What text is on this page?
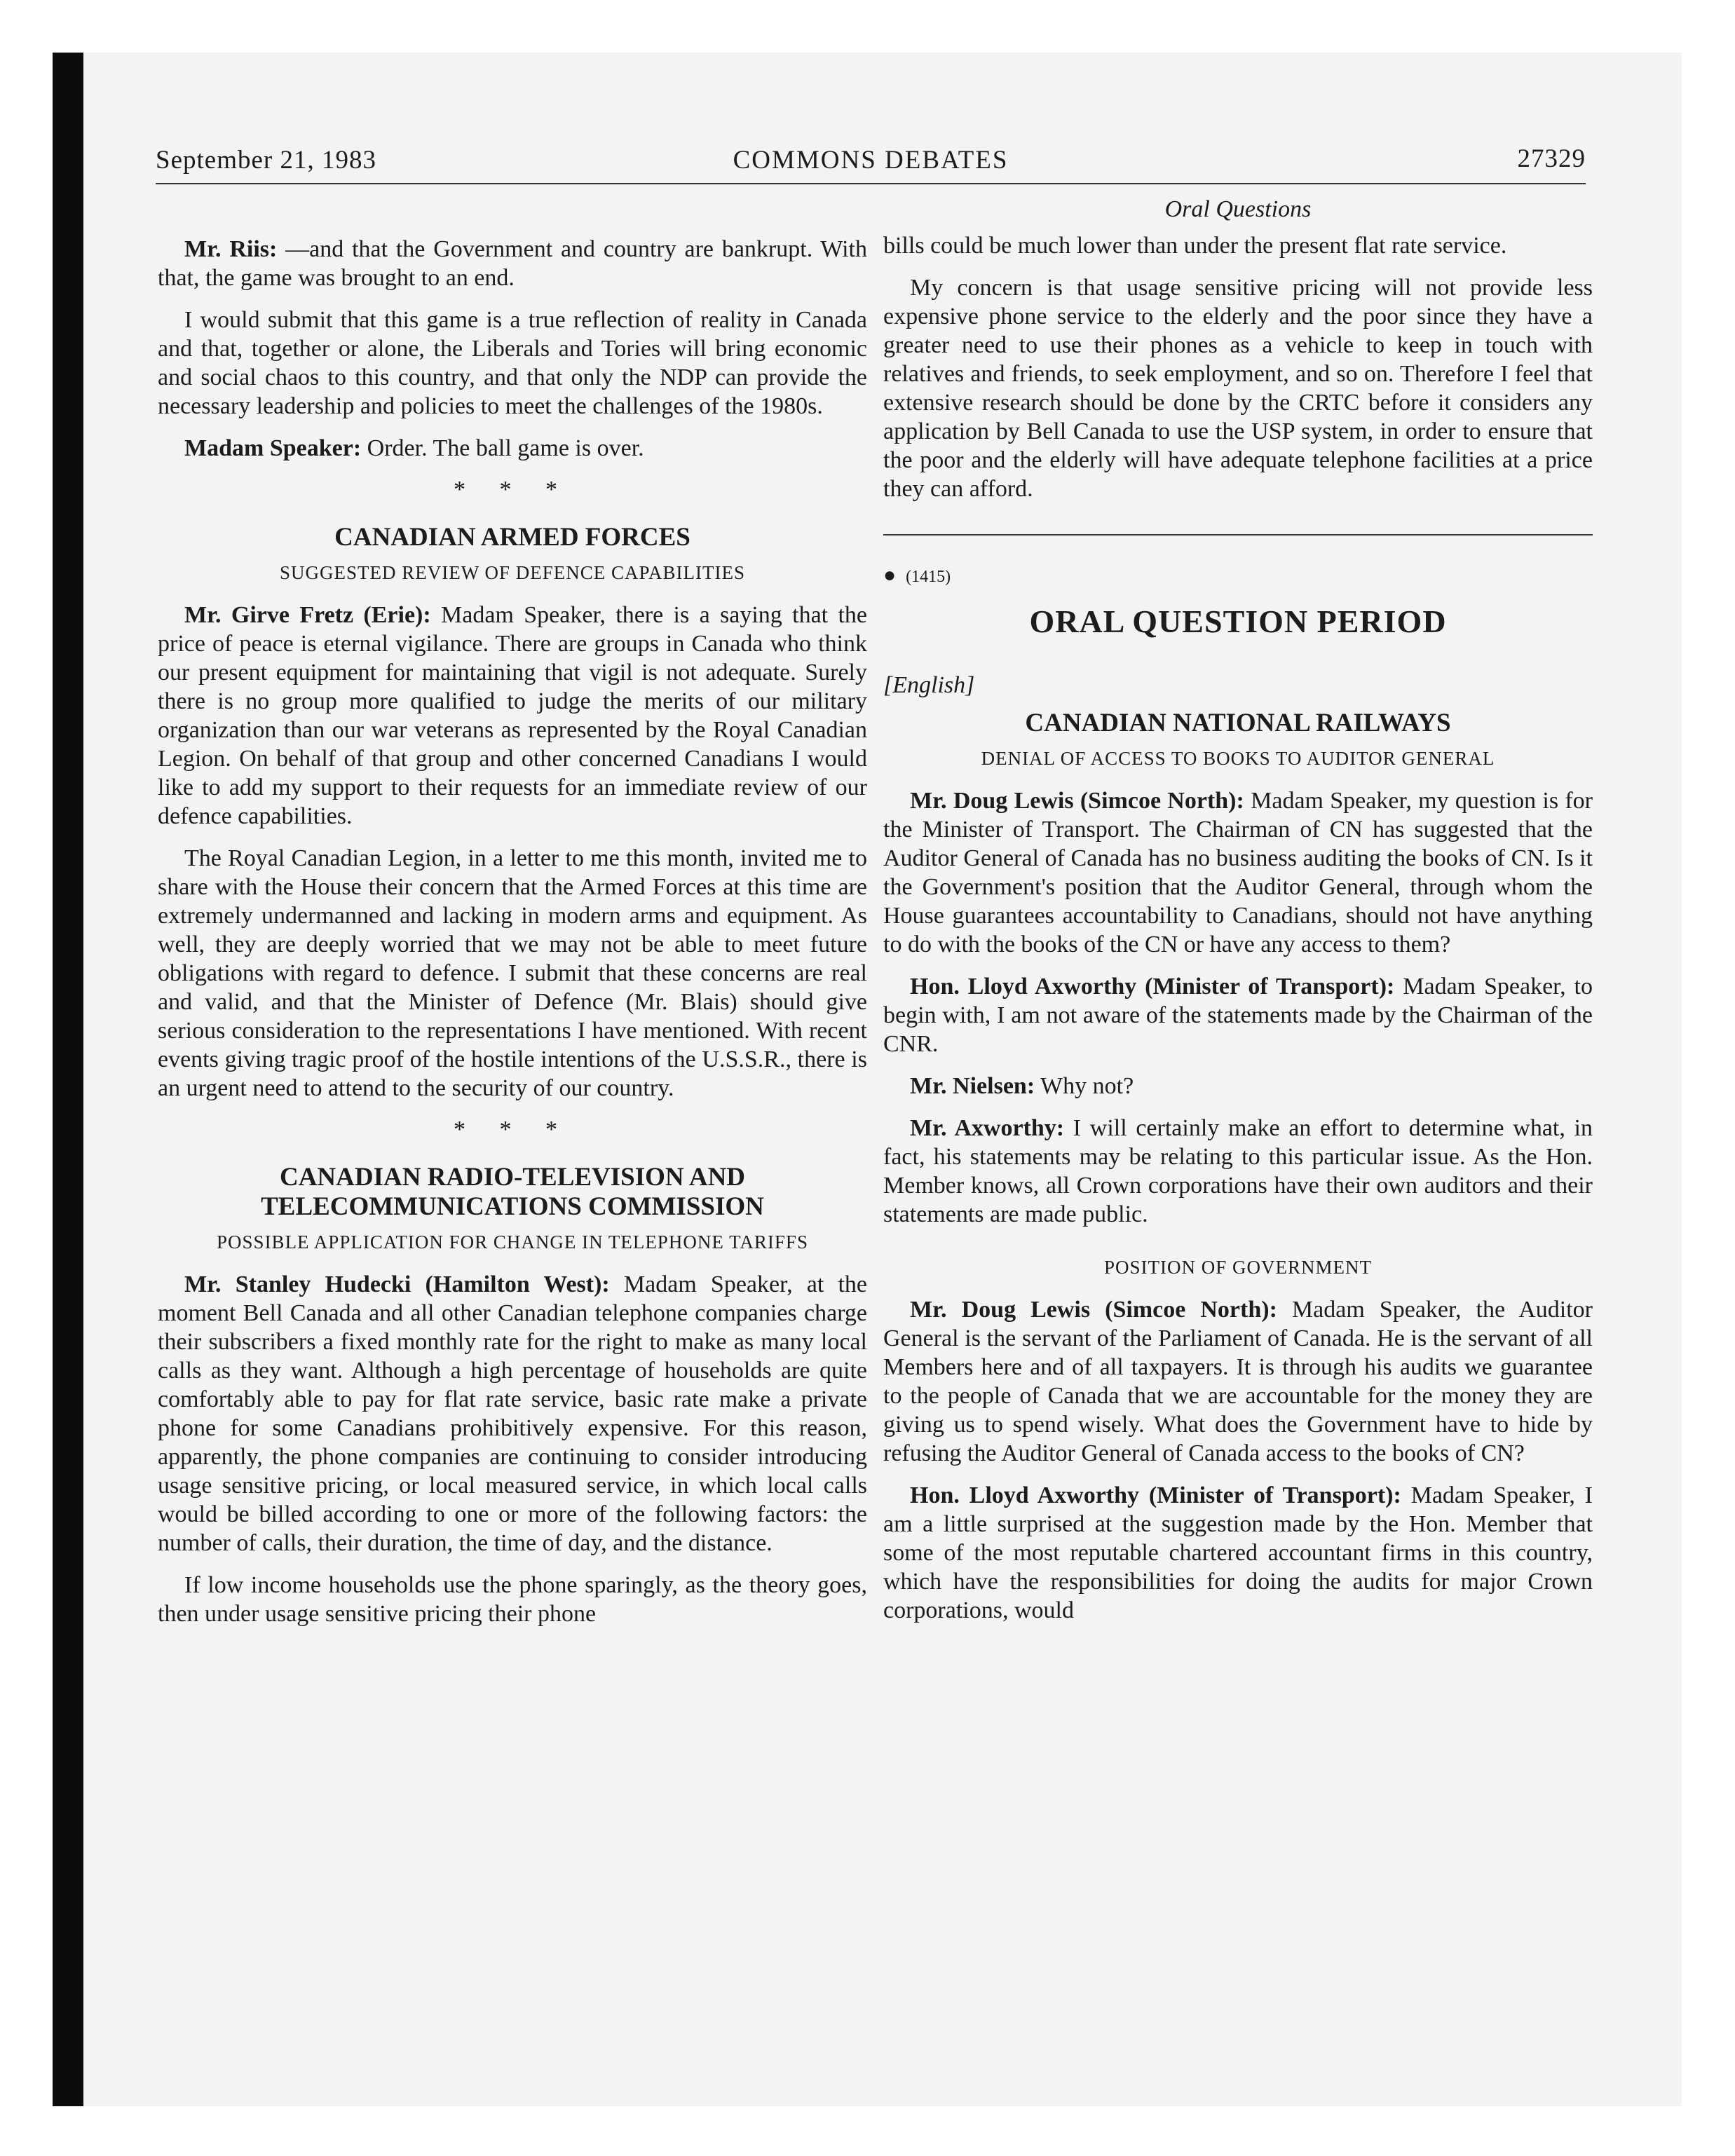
September 21, 1983	COMMONS DEBATES	27329

Mr. Riis: —and that the Government and country are bankrupt. With that, the game was brought to an end.

I would submit that this game is a true reflection of reality in Canada and that, together or alone, the Liberals and Tories will bring economic and social chaos to this country, and that only the NDP can provide the necessary leadership and policies to meet the challenges of the 1980s.

Madam Speaker: Order. The ball game is over.

* * *
CANADIAN ARMED FORCES
SUGGESTED REVIEW OF DEFENCE CAPABILITIES

Mr. Girve Fretz (Erie): Madam Speaker, there is a saying that the price of peace is eternal vigilance. There are groups in Canada who think our present equipment for maintaining that vigil is not adequate. Surely there is no group more qualified to judge the merits of our military organization than our war veterans as represented by the Royal Canadian Legion. On behalf of that group and other concerned Canadians I would like to add my support to their requests for an immediate review of our defence capabilities.

The Royal Canadian Legion, in a letter to me this month, invited me to share with the House their concern that the Armed Forces at this time are extremely undermanned and lacking in modern arms and equipment. As well, they are deeply worried that we may not be able to meet future obligations with regard to defence. I submit that these concerns are real and valid, and that the Minister of Defence (Mr. Blais) should give serious consideration to the representations I have mentioned. With recent events giving tragic proof of the hostile intentions of the U.S.S.R., there is an urgent need to attend to the security of our country.

* * *
CANADIAN RADIO-TELEVISION AND
TELECOMMUNICATIONS COMMISSION
POSSIBLE APPLICATION FOR CHANGE IN TELEPHONE TARIFFS

Mr. Stanley Hudecki (Hamilton West): Madam Speaker, at the moment Bell Canada and all other Canadian telephone companies charge their subscribers a fixed monthly rate for the right to make as many local calls as they want. Although a high percentage of households are quite comfortably able to pay for flat rate service, basic rate make a private phone for some Canadians prohibitively expensive. For this reason, apparently, the phone companies are continuing to consider introducing usage sensitive pricing, or local measured service, in which local calls would be billed according to one or more of the following factors: the number of calls, their duration, the time of day, and the distance.

If low income households use the phone sparingly, as the theory goes, then under usage sensitive pricing their phone

Oral Questions

bills could be much lower than under the present flat rate service.

My concern is that usage sensitive pricing will not provide less expensive phone service to the elderly and the poor since they have a greater need to use their phones as a vehicle to keep in touch with relatives and friends, to seek employment, and so on. Therefore I feel that extensive research should be done by the CRTC before it considers any application by Bell Canada to use the USP system, in order to ensure that the poor and the elderly will have adequate telephone facilities at a price they can afford.

● (1415)
ORAL QUESTION PERIOD
[English]
CANADIAN NATIONAL RAILWAYS
DENIAL OF ACCESS TO BOOKS TO AUDITOR GENERAL

Mr. Doug Lewis (Simcoe North): Madam Speaker, my question is for the Minister of Transport. The Chairman of CN has suggested that the Auditor General of Canada has no business auditing the books of CN. Is it the Government's position that the Auditor General, through whom the House guarantees accountability to Canadians, should not have anything to do with the books of the CN or have any access to them?

Hon. Lloyd Axworthy (Minister of Transport): Madam Speaker, to begin with, I am not aware of the statements made by the Chairman of the CNR.

Mr. Nielsen: Why not?

Mr. Axworthy: I will certainly make an effort to determine what, in fact, his statements may be relating to this particular issue. As the Hon. Member knows, all Crown corporations have their own auditors and their statements are made public.

POSITION OF GOVERNMENT

Mr. Doug Lewis (Simcoe North): Madam Speaker, the Auditor General is the servant of the Parliament of Canada. He is the servant of all Members here and of all taxpayers. It is through his audits we guarantee to the people of Canada that we are accountable for the money they are giving us to spend wisely. What does the Government have to hide by refusing the Auditor General of Canada access to the books of CN?

Hon. Lloyd Axworthy (Minister of Transport): Madam Speaker, I am a little surprised at the suggestion made by the Hon. Member that some of the most reputable chartered accountant firms in this country, which have the responsibilities for doing the audits for major Crown corporations, would
